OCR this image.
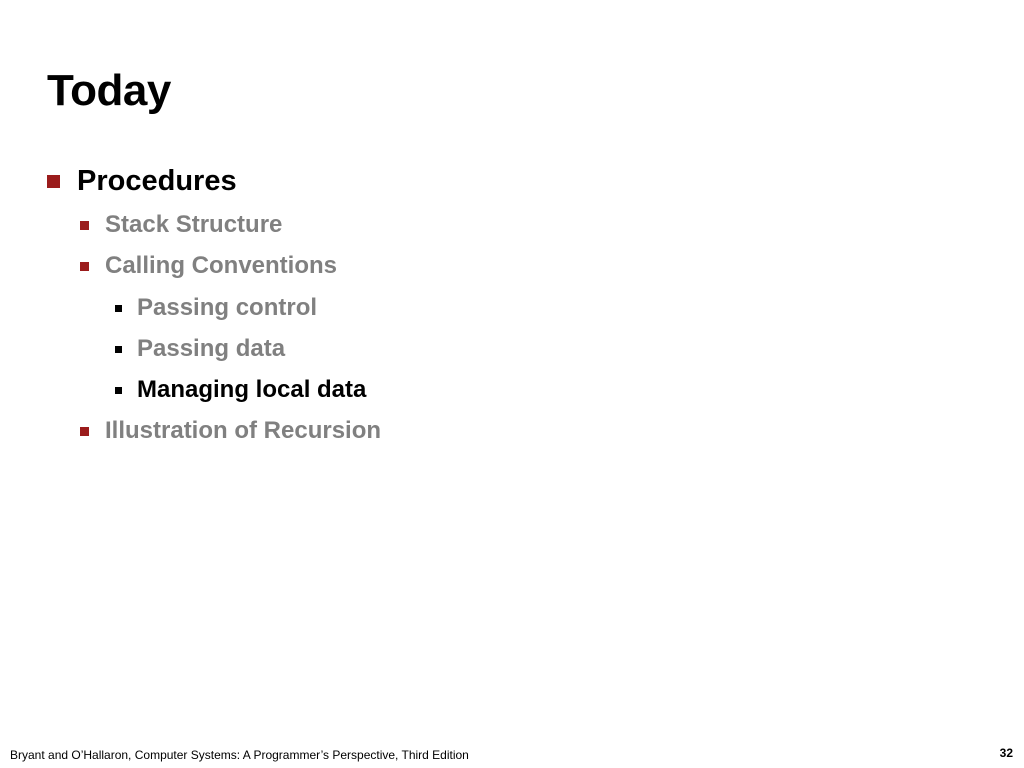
Today
Procedures
Stack Structure
Calling Conventions
Passing control
Passing data
Managing local data
Illustration of Recursion
Bryant and O’Hallaron, Computer Systems: A Programmer’s Perspective, Third Edition	32
